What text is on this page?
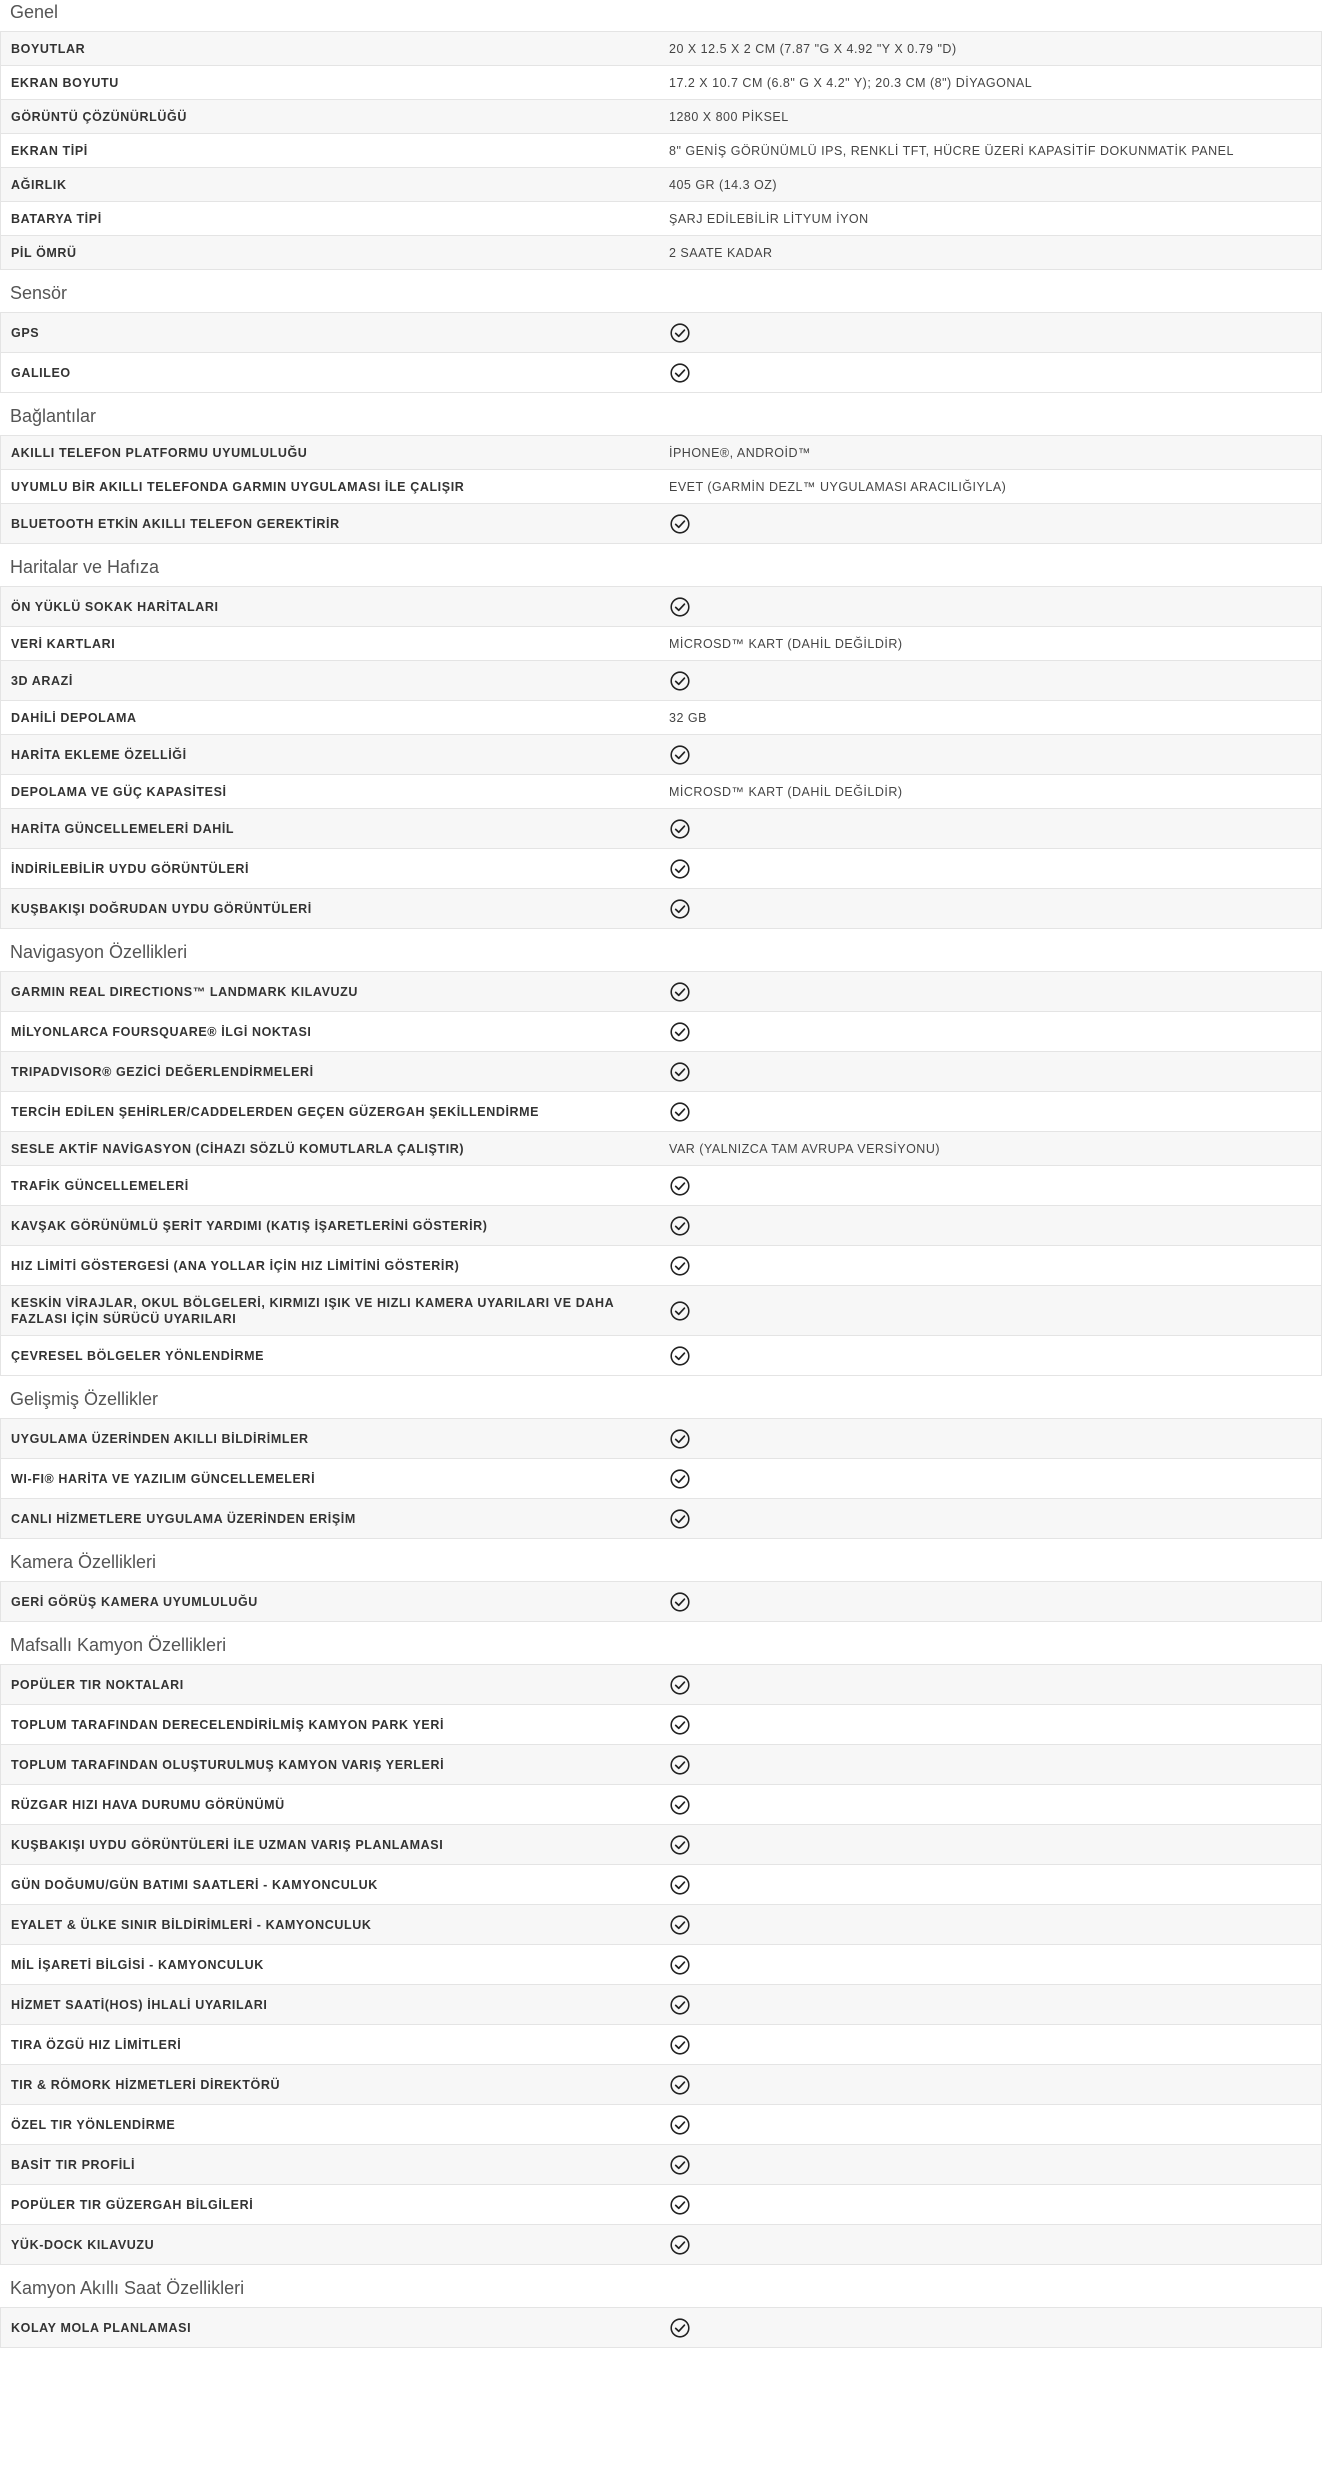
Genel
BOYUTLAR	20 X 12.5 X 2 CM (7.87 "G X 4.92 "Y X 0.79 "D)
EKRAN BOYUTU	17.2 X 10.7 CM (6.8" G X 4.2" Y); 20.3 CM (8") DİYAGONAL
GÖRÜNTÜ ÇÖZÜNÜRLÜĞÜ	1280 X 800 PİKSEL
EKRAN TİPİ	8" GENİŞ GÖRÜNÜMLÜ IPS, RENKLİ TFT, HÜCRE ÜZERİ KAPASİTİF DOKUNMATİK PANEL
AĞIRLIK	405 GR (14.3 OZ)
BATARYA TİPİ	ŞARJ EDİLEBİLİR LİTYUM İYON
PİL ÖMRÜ	2 SAATE KADAR
Sensör
GPS
GALILEO
Bağlantılar
AKILLI TELEFON PLATFORMU UYUMLULUĞU	İPHONE®, ANDROİD™
UYUMLU BİR AKILLI TELEFONDA GARMIN UYGULAMASI İLE ÇALIŞIR	EVET (GARMİN DEZL™ UYGULAMASI ARACILIĞIYLA)
BLUETOOTH ETKİN AKILLI TELEFON GEREKTİRİR
Haritalar ve Hafıza
ÖN YÜKLÜ SOKAK HARİTALARI
VERİ KARTLARI	MİCROSD™ KART (DAHİL DEĞİLDİR)
3D ARAZİ
DAHİLİ DEPOLAMA	32 GB
HARİTA EKLEME ÖZELLİĞİ
DEPOLAMA VE GÜÇ KAPASİTESİ	MİCROSD™ KART (DAHİL DEĞİLDİR)
HARİTA GÜNCELLEMELERİ DAHİL
İNDİRİLEBİLİR UYDU GÖRÜNTÜLERİ
KUŞBAKIŞI DOĞRUDAN UYDU GÖRÜNTÜLERİ
Navigasyon Özellikleri
GARMIN REAL DIRECTIONS™ LANDMARK KILAVUZU
MİLYONLARCA FOURSQUARE® İLGİ NOKTASI
TRIPADVISOR® GEZİCİ DEĞERLENDİRMELERİ
TERCİH EDİLEN ŞEHİRLER/CADDELERDEN GEÇEN GÜZERGAH ŞEKİLLENDİRME
SESLE AKTİF NAVİGASYON (CİHAZI SÖZLÜ KOMUTLARLA ÇALIŞTIR)	VAR (YALNIZCA TAM AVRUPA VERSİYONU)
TRAFİK GÜNCELLEMELERİ
KAVŞAK GÖRÜNÜMLÜ ŞERİT YARDIMI (KATIŞ İŞARETLERİNİ GÖSTERİR)
HIZ LİMİTİ GÖSTERGESİ (ANA YOLLAR İÇİN HIZ LİMİTİNİ GÖSTERİR)
KESKİN VİRAJLAR, OKUL BÖLGELERİ, KIRMIZI IŞIK VE HIZLI KAMERA UYARILARI VE DAHA FAZLASI İÇİN SÜRÜCÜ UYARILARI
ÇEVRESEL BÖLGELER YÖNLENDİRME
Gelişmiş Özellikler
UYGULAMA ÜZERİNDEN AKILLI BİLDİRİMLER
WI-FI® HARİTA VE YAZILIM GÜNCELLEMELERİ
CANLI HİZMETLERE UYGULAMA ÜZERİNDEN ERİŞİM
Kamera Özellikleri
GERİ GÖRÜŞ KAMERA UYUMLULUĞU
Mafsallı Kamyon Özellikleri
POPÜLER TIR NOKTALARI
TOPLUM TARAFINDAN DERECELENDİRİLMİŞ KAMYON PARK YERİ
TOPLUM TARAFINDAN OLUŞTURULMUŞ KAMYON VARIŞ YERLERİ
RÜZGAR HIZI HAVA DURUMU GÖRÜNÜMÜ
KUŞBAKIŞI UYDU GÖRÜNTÜLERİ İLE UZMAN VARIŞ PLANLAMASI
GÜN DOĞUMU/GÜN BATIMI SAATLERİ - KAMYONCULUK
EYALET & ÜLKE SINIR BİLDİRİMLERİ - KAMYONCULUK
MİL İŞARETİ BİLGİSİ - KAMYONCULUK
HİZMET SAATİ(HOS) İHLALİ UYARILARI
TIRA ÖZGÜ HIZ LİMİTLERİ
TIR & RÖMORK HİZMETLERİ DİREKTÖRÜ
ÖZEL TIR YÖNLENDİRME
BASİT TIR PROFİLİ
POPÜLER TIR GÜZERGAH BİLGİLERİ
YÜK-DOCK KILAVUZU
Kamyon Akıllı Saat Özellikleri
KOLAY MOLA PLANLAMASI
